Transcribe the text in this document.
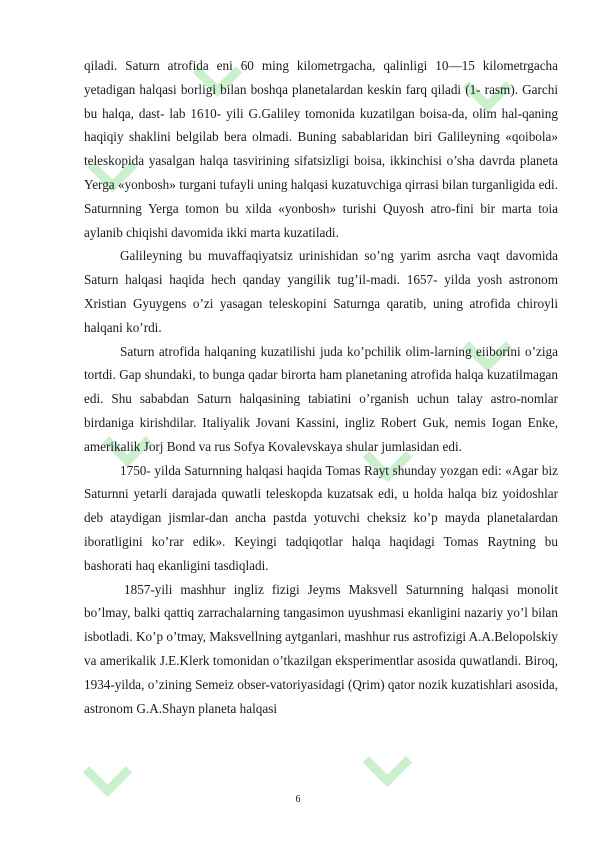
qiladi. Saturn atrofida eni 60 ming kilometrgacha, qalinligi 10—15 kilometrgacha yetadigan halqasi borligi bilan boshqa planetalardan keskin farq qiladi (1- rasm). Garchi bu halqa, dast- lab 1610- yili G.Galiley tomonida kuzatilgan boisa-da, olim hal-qaning haqiqiy shaklini belgilab bera olmadi. Buning sabablaridan biri Galileyning «qoibola» teleskopida yasalgan halqa tasvirining sifatsizligi boisa, ikkinchisi o’sha davrda planeta Yerga «yonbosh» turgani tufayli uning halqasi kuzatuvchiga qirrasi bilan turganligida edi. Saturnning Yerga tomon bu xilda «yonbosh» turishi Quyosh atro-fini bir marta toia aylanib chiqishi davomida ikki marta kuzatiladi.

Galileyning bu muvaffaqiyatsiz urinishidan so’ng yarim asrcha vaqt davomida Saturn halqasi haqida hech qanday yangilik tug’il-madi. 1657- yilda yosh astronom Xristian Gyuygens o’zi yasagan teleskopini Saturnga qaratib, uning atrofida chiroyli halqani ko’rdi.

Saturn atrofida halqaning kuzatilishi juda ko’pchilik olim-larning eiiborini o’ziga tortdi. Gap shundaki, to bunga qadar birorta ham planetaning atrofida halqa kuzatilmagan edi. Shu sababdan Saturn halqasining tabiatini o’rganish uchun talay astro-nomlar birdaniga kirishdilar. Italiyalik Jovani Kassini, ingliz Robert Guk, nemis Iogan Enke, amerikalik Jorj Bond va rus Sofya Kovalevskaya shular jumlasidan edi.

1750- yilda Saturnning halqasi haqida Tomas Rayt shunday yozgan edi: «Agar biz Saturnni yetarli darajada quwatli teleskopda kuzatsak edi, u holda halqa biz yoidoshlar deb ataydigan jismlar-dan ancha pastda yotuvchi cheksiz ko’p mayda planetalardan iboratligini ko’rar edik». Keyingi tadqiqotlar halqa haqidagi Tomas Raytning bu bashorati haq ekanligini tasdiqladi.

1857-yili mashhur ingliz fizigi Jeyms Maksvell Saturnning halqasi monolit bo’lmay, balki qattiq zarrachalarning tangasimon uyushmasi ekanligini nazariy yo’l bilan isbotladi. Ko’p o’tmay, Maksvellning aytganlari, mashhur rus astrofizigi A.A.Belopolskiy va amerikalik J.E.Klerk tomonidan o’tkazilgan eksperimentlar asosida quwatlandi. Biroq, 1934-yilda, o’zining Semeiz obser-vatoriyasidagi (Qrim) qator nozik kuzatishlari asosida, astronom G.A.Shayn planeta halqasi

6
